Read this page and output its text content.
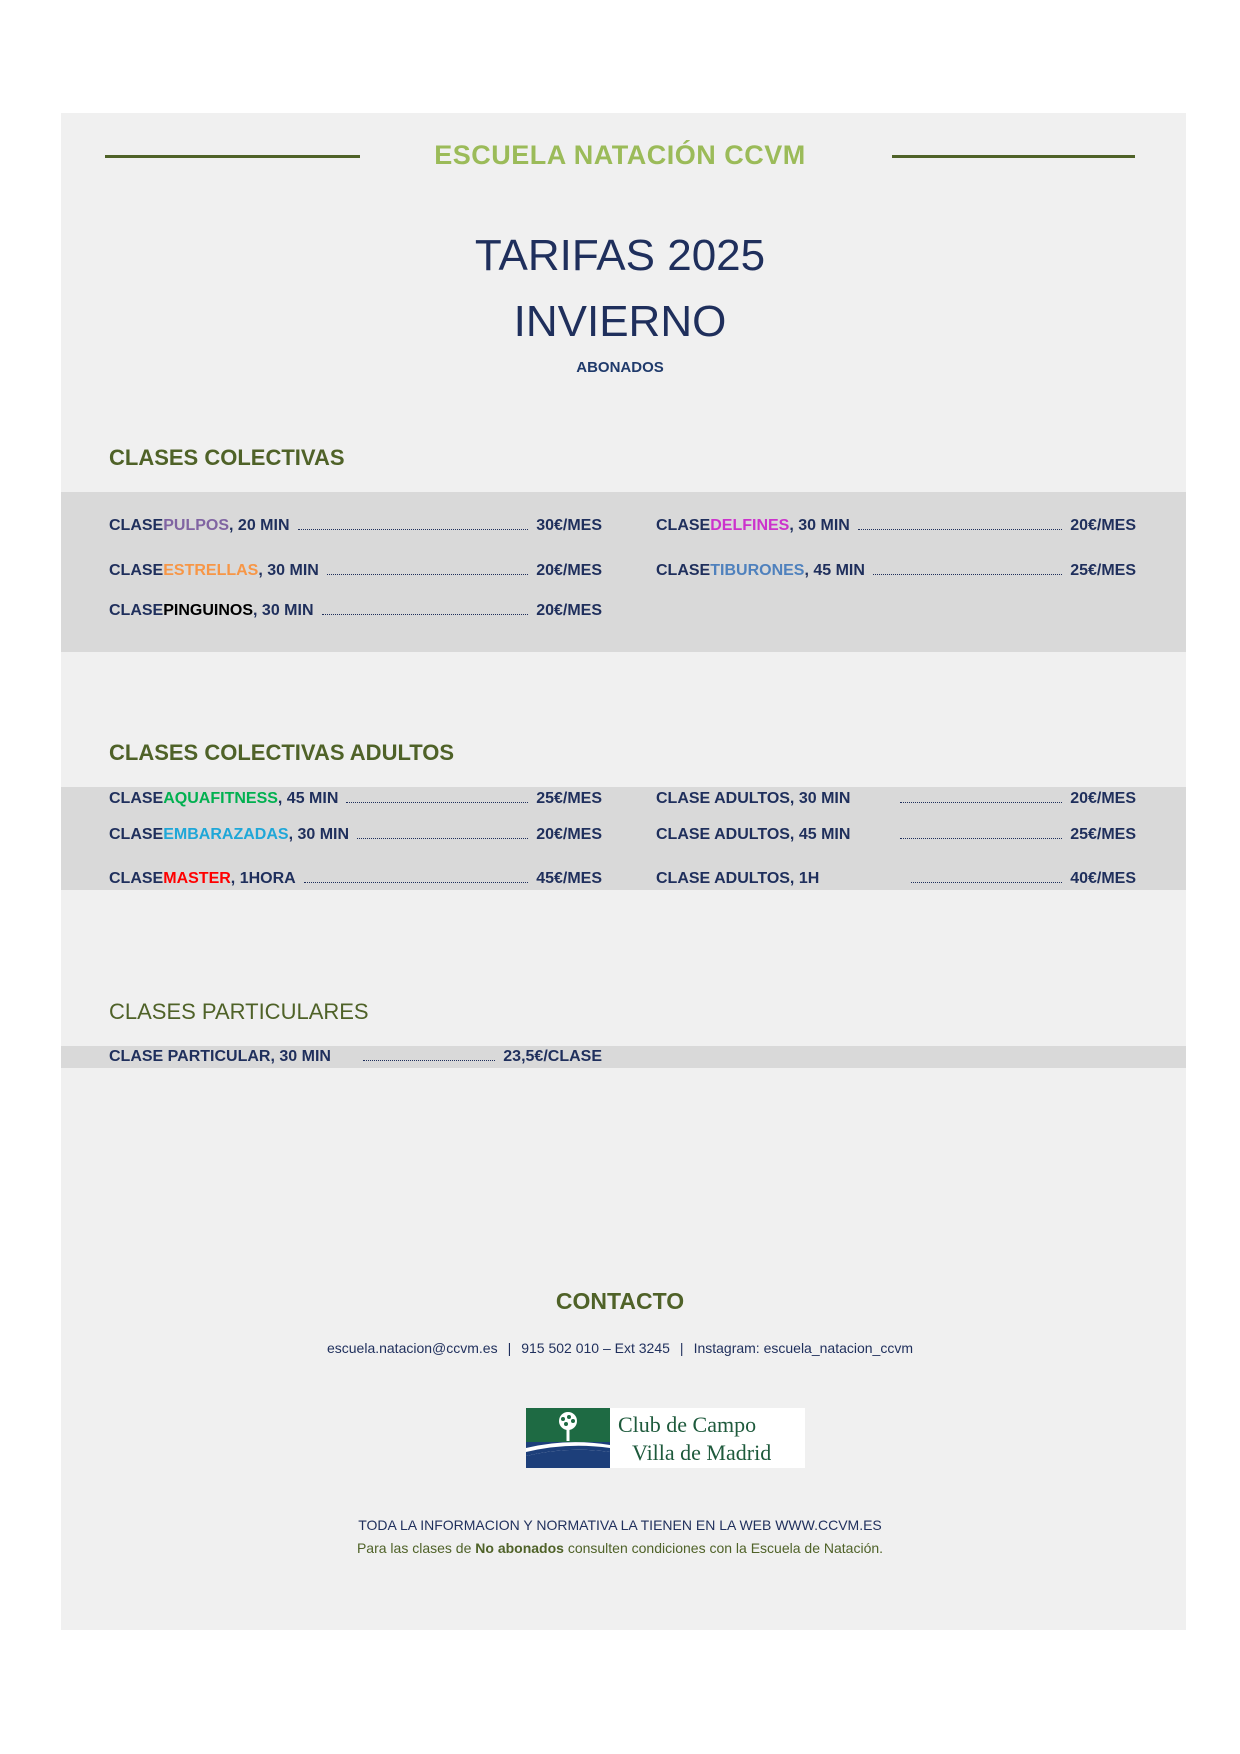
ESCUELA NATACIÓN CCVM
TARIFAS 2025
INVIERNO
ABONADOS
CLASES COLECTIVAS
CLASE PULPOS , 20 MIN	30€/MES
CLASE ESTRELLAS , 30 MIN	20€/MES
CLASE PINGUINOS , 30 MIN	20€/MES
CLASE DELFINES , 30 MIN	20€/MES
CLASE TIBURONES , 45 MIN	25€/MES
CLASES COLECTIVAS ADULTOS
CLASE AQUAFITNESS , 45 MIN	25€/MES
CLASE EMBARAZADAS , 30 MIN	20€/MES
CLASE MASTER , 1HORA	45€/MES
CLASE ADULTOS, 30 MIN	20€/MES
CLASE ADULTOS, 45 MIN	25€/MES
CLASE ADULTOS, 1H	40€/MES
CLASES PARTICULARES
CLASE PARTICULAR, 30 MIN	23,5€/CLASE
CONTACTO
escuela.natacion@ccvm.es | 915 502 010 – Ext 3245 | Instagram: escuela_natacion_ccvm
Club de Campo
Villa de Madrid
TODA LA INFORMACION Y NORMATIVA LA TIENEN EN LA WEB WWW.CCVM.ES
Para las clases de No abonados consulten condiciones con la Escuela de Natación.
